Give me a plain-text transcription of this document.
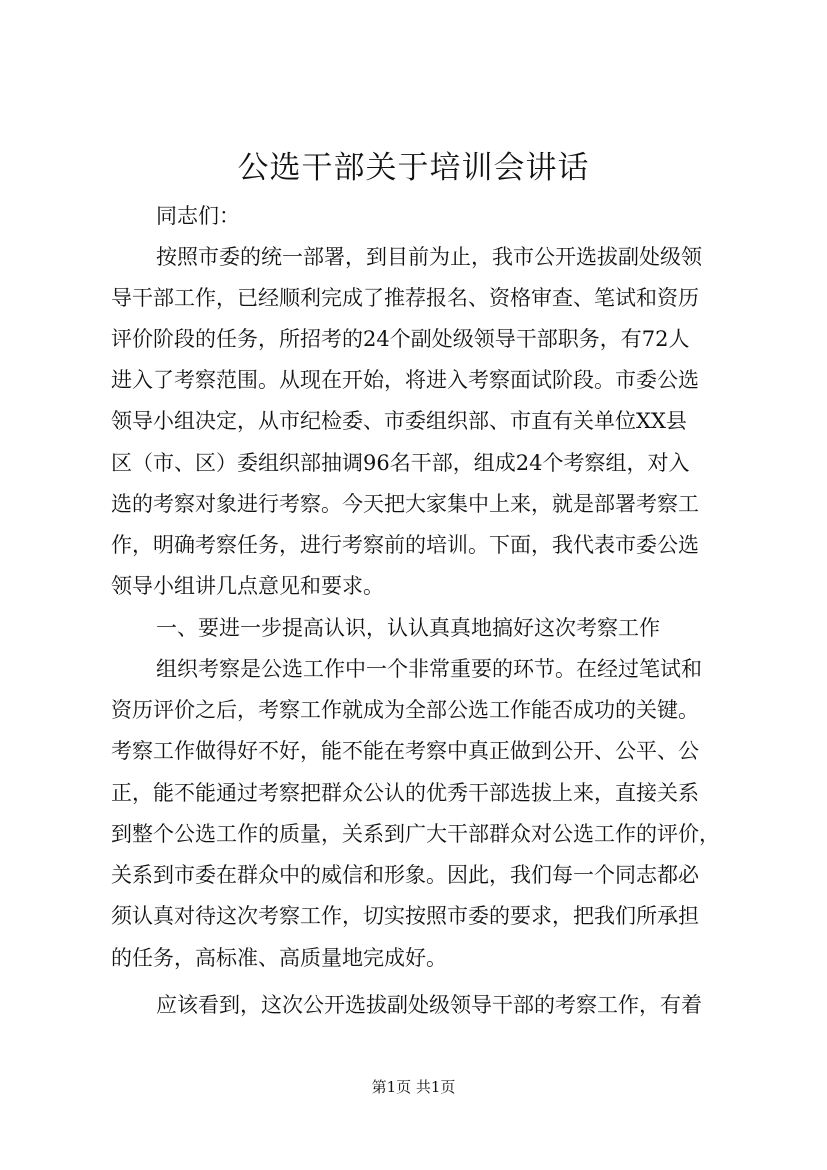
公选干部关于培训会讲话

同志们：

按照市委的统一部署，到目前为止，我市公开选拔副处级领

导干部工作，已经顺利完成了推荐报名、资格审查、笔试和资历

评价阶段的任务，所招考的24个副处级领导干部职务，有72人

进入了考察范围。从现在开始，将进入考察面试阶段。市委公选

领导小组决定，从市纪检委、市委组织部、市直有关单位XX县

区（市、区）委组织部抽调96名干部，组成24个考察组，对入

选的考察对象进行考察。今天把大家集中上来，就是部署考察工

作，明确考察任务，进行考察前的培训。下面，我代表市委公选

领导小组讲几点意见和要求。

一、要进一步提高认识，认认真真地搞好这次考察工作

组织考察是公选工作中一个非常重要的环节。在经过笔试和

资历评价之后，考察工作就成为全部公选工作能否成功的关键。

考察工作做得好不好，能不能在考察中真正做到公开、公平、公

正，能不能通过考察把群众公认的优秀干部选拔上来，直接关系

到整个公选工作的质量，关系到广大干部群众对公选工作的评价，

关系到市委在群众中的威信和形象。因此，我们每一个同志都必

须认真对待这次考察工作，切实按照市委的要求，把我们所承担

的任务，高标准、高质量地完成好。

应该看到，这次公开选拔副处级领导干部的考察工作，有着

第1页 共1页
